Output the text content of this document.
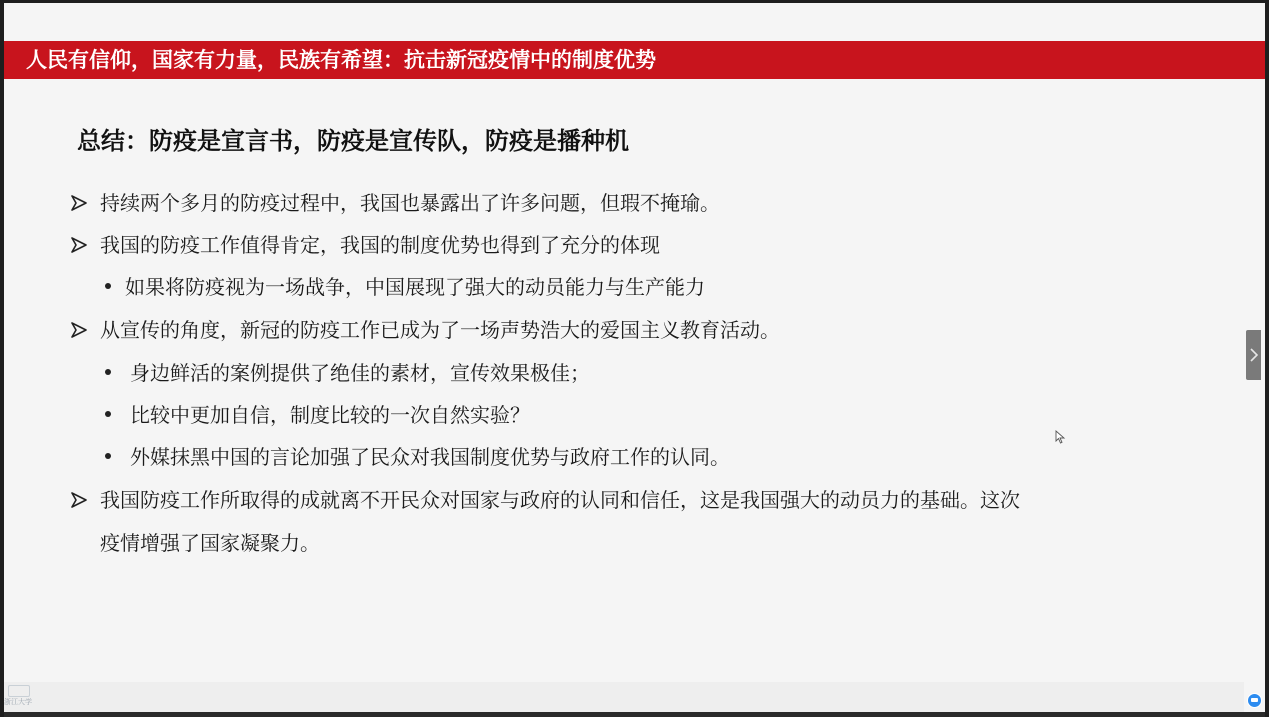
人民有信仰，国家有力量，民族有希望：抗击新冠疫情中的制度优势
总结：防疫是宣言书，防疫是宣传队，防疫是播种机
持续两个多月的防疫过程中，我国也暴露出了许多问题，但瑕不掩瑜。
我国的防疫工作值得肯定，我国的制度优势也得到了充分的体现
如果将防疫视为一场战争，中国展现了强大的动员能力与生产能力
从宣传的角度，新冠的防疫工作已成为了一场声势浩大的爱国主义教育活动。
身边鲜活的案例提供了绝佳的素材，宣传效果极佳；
比较中更加自信，制度比较的一次自然实验？
外媒抹黑中国的言论加强了民众对我国制度优势与政府工作的认同。
我国防疫工作所取得的成就离不开民众对国家与政府的认同和信任，这是我国强大的动员力的基础。这次
疫情增强了国家凝聚力。
浙江大学
